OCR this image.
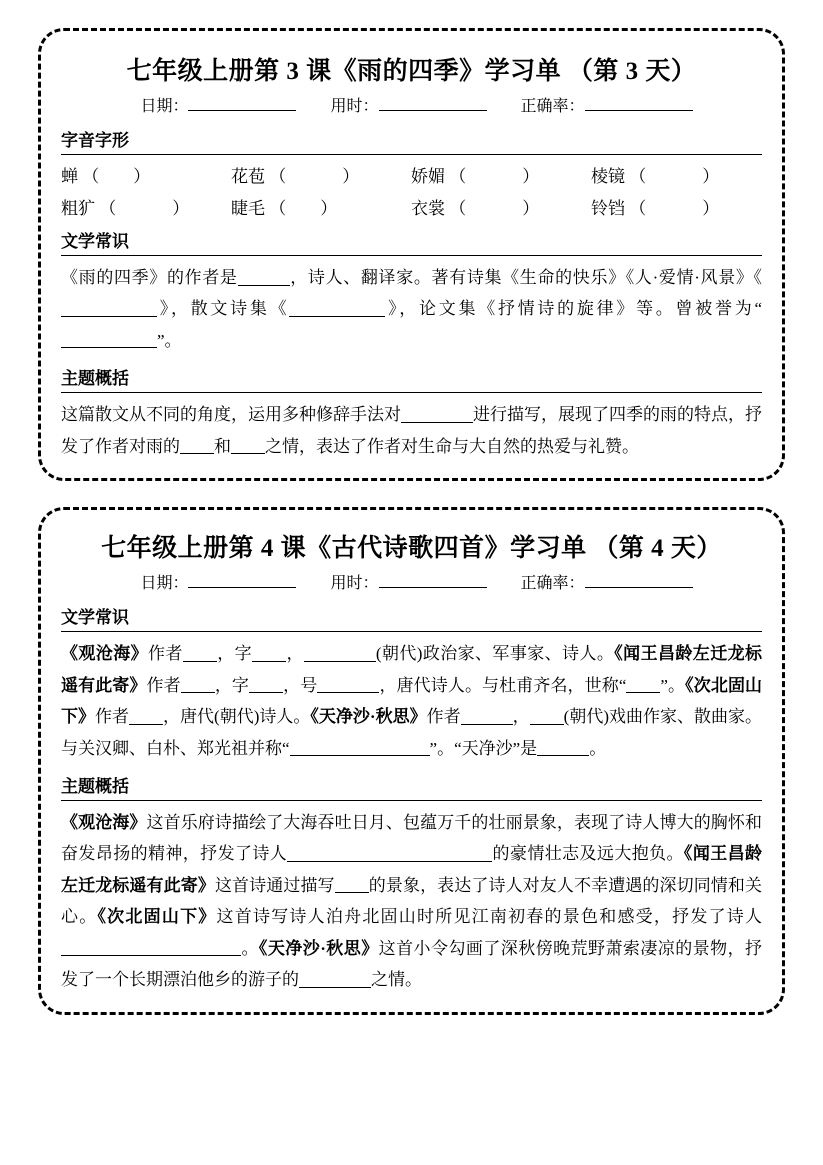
七年级上册第 3 课《雨的四季》学习单 （第 3 天）
日期：	用时：	正确率：
字音字形
蝉 （ ）	花苞 （	）	娇媚 （	）	棱镜 （	）
粗犷 （	）	睫毛 （ ）	衣裳 （	）	铃铛 （	）
文学常识
《雨的四季》的作者是	，诗人、翻译家。著有诗集《生命的快乐》《人·爱情·风景》《》，散文诗集《	》，论文集《抒情诗的旋律》等。曾被誉为“”。
主题概括
这篇散文从不同的角度，运用多种修辞手法对	进行描写，展现了四季的雨的特点，抒发了作者对雨的 和 之情，表达了作者对生命与大自然的热爱与礼赞。
七年级上册第 4 课《古代诗歌四首》学习单 （第 4 天）
日期：	用时：	正确率：
文学常识
《观沧海》作者 ，字 ，	(朝代)政治家、军事家、诗人。《闻王昌龄左迁龙标遥有此寄》作者 ，字 ，号	，唐代诗人。与杜甫齐名，世称“ ”。《次北固山下》作者 ，唐代(朝代)诗人。《天净沙·秋思》作者	， (朝代)戏曲作家、散曲家。与关汉卿、白朴、郑光祖并称“	”。“天净沙”是	。
主题概括
《观沧海》这首乐府诗描绘了大海吞吐日月、包蕴万千的壮丽景象，表现了诗人博大的胸怀和奋发昂扬的精神，抒发了诗人	的豪情壮志及远大抱负。《闻王昌龄左迁龙标遥有此寄》这首诗通过描写 的景象，表达了诗人对友人不幸遭遇的深切同情和关心。《次北固山下》这首诗写诗人泊舟北固山时所见江南初春的景色和感受，抒发了诗人。《天净沙·秋思》这首小令勾画了深秋傍晚荒野萧索凄凉的景物，抒发了一个长期漂泊他乡的游子的	之情。
